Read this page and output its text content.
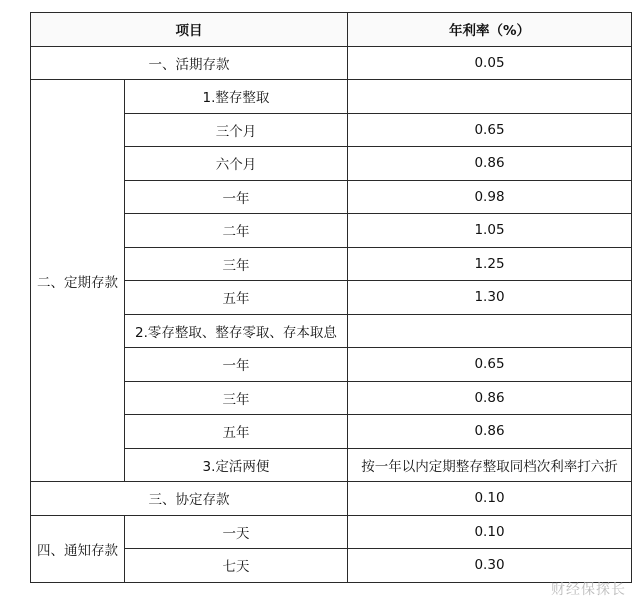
项目		年利率（%）
一、活期存款		0.05
二、定期存款	1.整存整取	
	三个月	0.65
	六个月	0.86
	一年	0.98
	二年	1.05
	三年	1.25
	五年	1.30
	2.零存整取、整存零取、存本取息	
	一年	0.65
	三年	0.86
	五年	0.86
	3.定活两便	按一年以内定期整存整取同档次利率打六折
三、协定存款		0.10
四、通知存款	一天	0.10
	七天	0.30
财经保探长
